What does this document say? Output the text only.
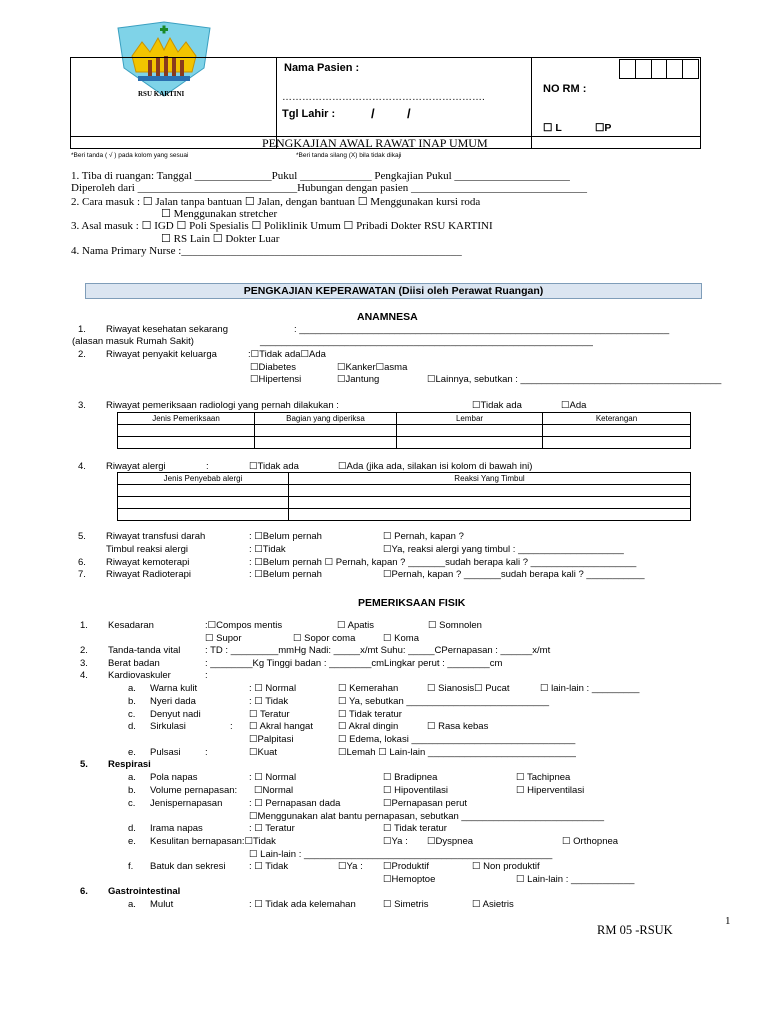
RSU KARTINI
Nama Pasien :
…………………………………………………….
Tgl Lahir :	/ /
NO RM :
☐ L	☐P
PENGKAJIAN AWAL RAWAT INAP UMUM
*Beri tanda ( √ ) pada kolom yang sesuai	*Beri tanda silang (X) bila tidak dikaji
1. Tiba di ruangan: Tanggal ______________Pukul _____________ Pengkajian Pukul _____________________
Diperoleh dari _____________________________Hubungan dengan pasien ________________________________
2. Cara masuk : ☐ Jalan tanpa bantuan ☐ Jalan, dengan bantuan ☐ Menggunakan kursi roda
☐ Menggunakan stretcher
3. Asal masuk : ☐ IGD ☐ Poli Spesialis ☐ Poliklinik Umum ☐ Pribadi Dokter RSU KARTINI
☐ RS Lain ☐ Dokter Luar
4. Nama Primary Nurse :___________________________________________________
PENGKAJIAN KEPERAWATAN (Diisi oleh Perawat Ruangan)
ANAMNESA
1. Riwayat kesehatan sekarang	: ______________________________________________________________________
(alasan masuk Rumah Sakit)	_______________________________________________________________
2. Riwayat penyakit keluarga	:☐Tidak ada☐Ada
☐Diabetes	☐Kanker☐asma
☐Hipertensi	☐Jantung	☐Lainnya, sebutkan : ______________________________________
3. Riwayat pemeriksaan radiologi yang pernah dilakukan :	☐Tidak ada	☐Ada
Jenis Pemeriksaan	Bagian yang diperiksa	Lembar	Keterangan

4. Riwayat alergi	:	☐Tidak ada	☐Ada (jika ada, silakan isi kolom di bawah ini)
Jenis Penyebab alergi	Reaksi Yang Timbul

5. Riwayat transfusi darah	: ☐Belum pernah	☐ Pernah, kapan ?
Timbul reaksi alergi	: ☐Tidak	☐Ya, reaksi alergi yang timbul : ____________________
6. Riwayat kemoterapi	: ☐Belum pernah ☐ Pernah, kapan ? _______sudah berapa kali ? ____________________
7. Riwayat Radioterapi	: ☐Belum pernah	☐Pernah, kapan ? _______sudah berapa kali ? ___________
PEMERIKSAAN FISIK
1. Kesadaran	:☐Compos mentis	☐ Apatis	☐ Somnolen
☐ Supor	☐ Sopor coma	☐ Koma
2. Tanda-tanda vital	: TD : _________mmHg Nadi: _____x/mt Suhu: _____CPernapasan : ______x/mt
3. Berat badan	: ________Kg Tinggi badan : ________cmLingkar perut : ________cm
4. Kardiovaskuler	:
a. Warna kulit	: ☐ Normal	☐ Kemerahan	☐ Sianosis☐ Pucat	☐ lain-lain : _________
b. Nyeri dada	: ☐ Tidak	☐ Ya, sebutkan ___________________________
c. Denyut nadi	☐ Teratur	☐ Tidak teratur
d. Sirkulasi	: ☐ Akral hangat	☐ Akral dingin	☐ Rasa kebas
☐Palpitasi	☐ Edema, lokasi _______________________________
e. Pulsasi	:	☐Kuat	☐Lemah ☐ Lain-lain ____________________________
5. Respirasi
a. Pola napas	: ☐ Normal	☐ Bradipnea	☐ Tachipnea
b. Volume pernapasan: ☐Normal	☐ Hipoventilasi	☐ Hiperventilasi
c. Jenispernapasan	: ☐ Pernapasan dada	☐Pernapasan perut
☐Menggunakan alat bantu pernapasan, sebutkan ___________________________
d. Irama napas	: ☐ Teratur	☐ Tidak teratur
e. Kesulitan bernapasan:☐Tidak	☐Ya : ☐Dyspnea	☐ Orthopnea
☐ Lain-lain : _______________________________________________
f. Batuk dan sekresi : ☐ Tidak	☐Ya : ☐Produktif	☐ Non produktif
☐Hemoptoe	☐ Lain-lain : ____________
6. Gastrointestinal
a. Mulut	: ☐ Tidak ada kelemahan	☐ Simetris	☐ Asietris
1
RM 05 -RSUK
